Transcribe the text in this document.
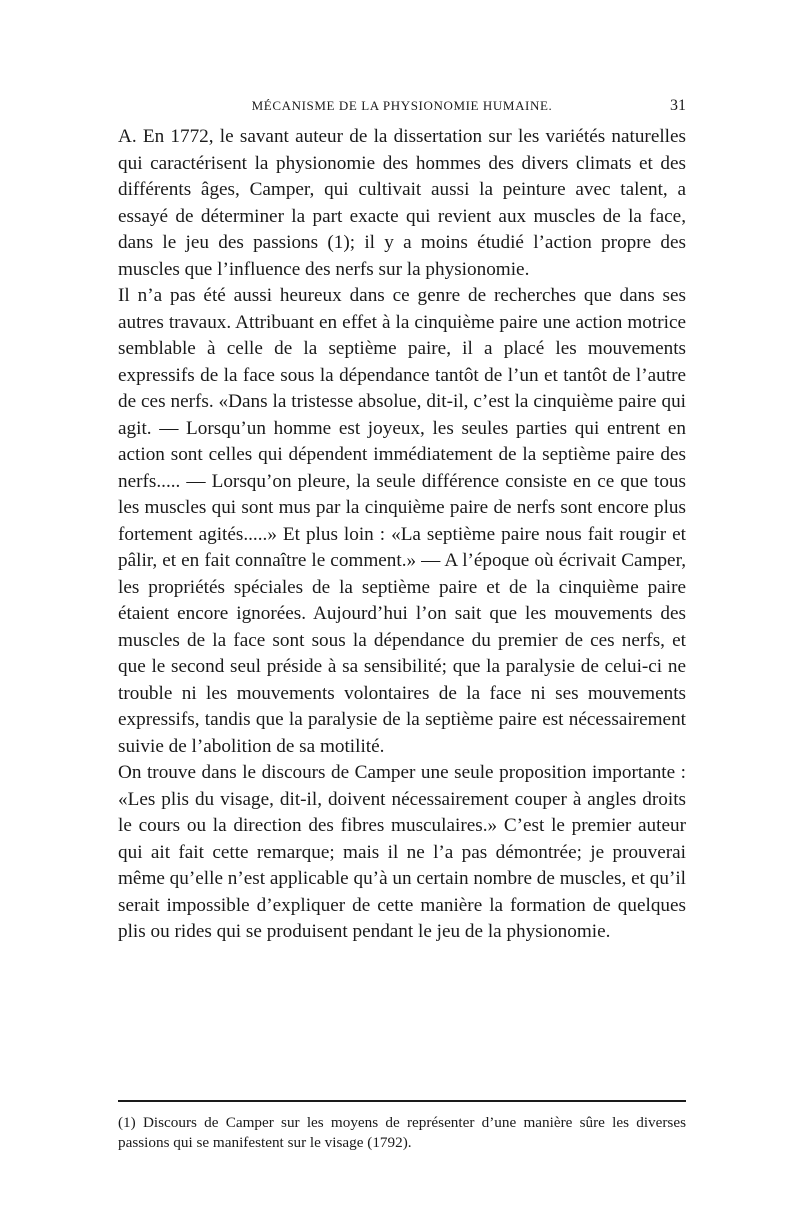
MÉCANISME DE LA PHYSIONOMIE HUMAINE.	31

A. En 1772, le savant auteur de la dissertation sur les variétés naturelles qui caractérisent la physionomie des hommes des divers climats et des différents âges, Camper, qui cultivait aussi la peinture avec talent, a essayé de déterminer la part exacte qui revient aux muscles de la face, dans le jeu des passions (1); il y a moins étudié l’action propre des muscles que l’influence des nerfs sur la physionomie.

Il n’a pas été aussi heureux dans ce genre de recherches que dans ses autres travaux. Attribuant en effet à la cinquième paire une action motrice semblable à celle de la septième paire, il a placé les mouvements expressifs de la face sous la dépendance tantôt de l’un et tantôt de l’autre de ces nerfs. «Dans la tristesse absolue, dit-il, c’est la cinquième paire qui agit. — Lorsqu’un homme est joyeux, les seules parties qui entrent en action sont celles qui dépendent immédiatement de la septième paire des nerfs..... — Lorsqu’on pleure, la seule différence consiste en ce que tous les muscles qui sont mus par la cinquième paire de nerfs sont encore plus fortement agités.....» Et plus loin : «La septième paire nous fait rougir et pâlir, et en fait connaître le comment.» — A l’époque où écrivait Camper, les propriétés spéciales de la septième paire et de la cinquième paire étaient encore ignorées. Aujourd’hui l’on sait que les mouvements des muscles de la face sont sous la dépendance du premier de ces nerfs, et que le second seul préside à sa sensibilité; que la paralysie de celui-ci ne trouble ni les mouvements volontaires de la face ni ses mouvements expressifs, tandis que la paralysie de la septième paire est nécessairement suivie de l’abolition de sa motilité.

On trouve dans le discours de Camper une seule proposition importante : «Les plis du visage, dit-il, doivent nécessairement couper à angles droits le cours ou la direction des fibres musculaires.» C’est le premier auteur qui ait fait cette remarque; mais il ne l’a pas démontrée; je prouverai même qu’elle n’est applicable qu’à un certain nombre de muscles, et qu’il serait impossible d’expliquer de cette manière la formation de quelques plis ou rides qui se produisent pendant le jeu de la physionomie.

(1) Discours de Camper sur les moyens de représenter d’une manière sûre les diverses passions qui se manifestent sur le visage (1792).
